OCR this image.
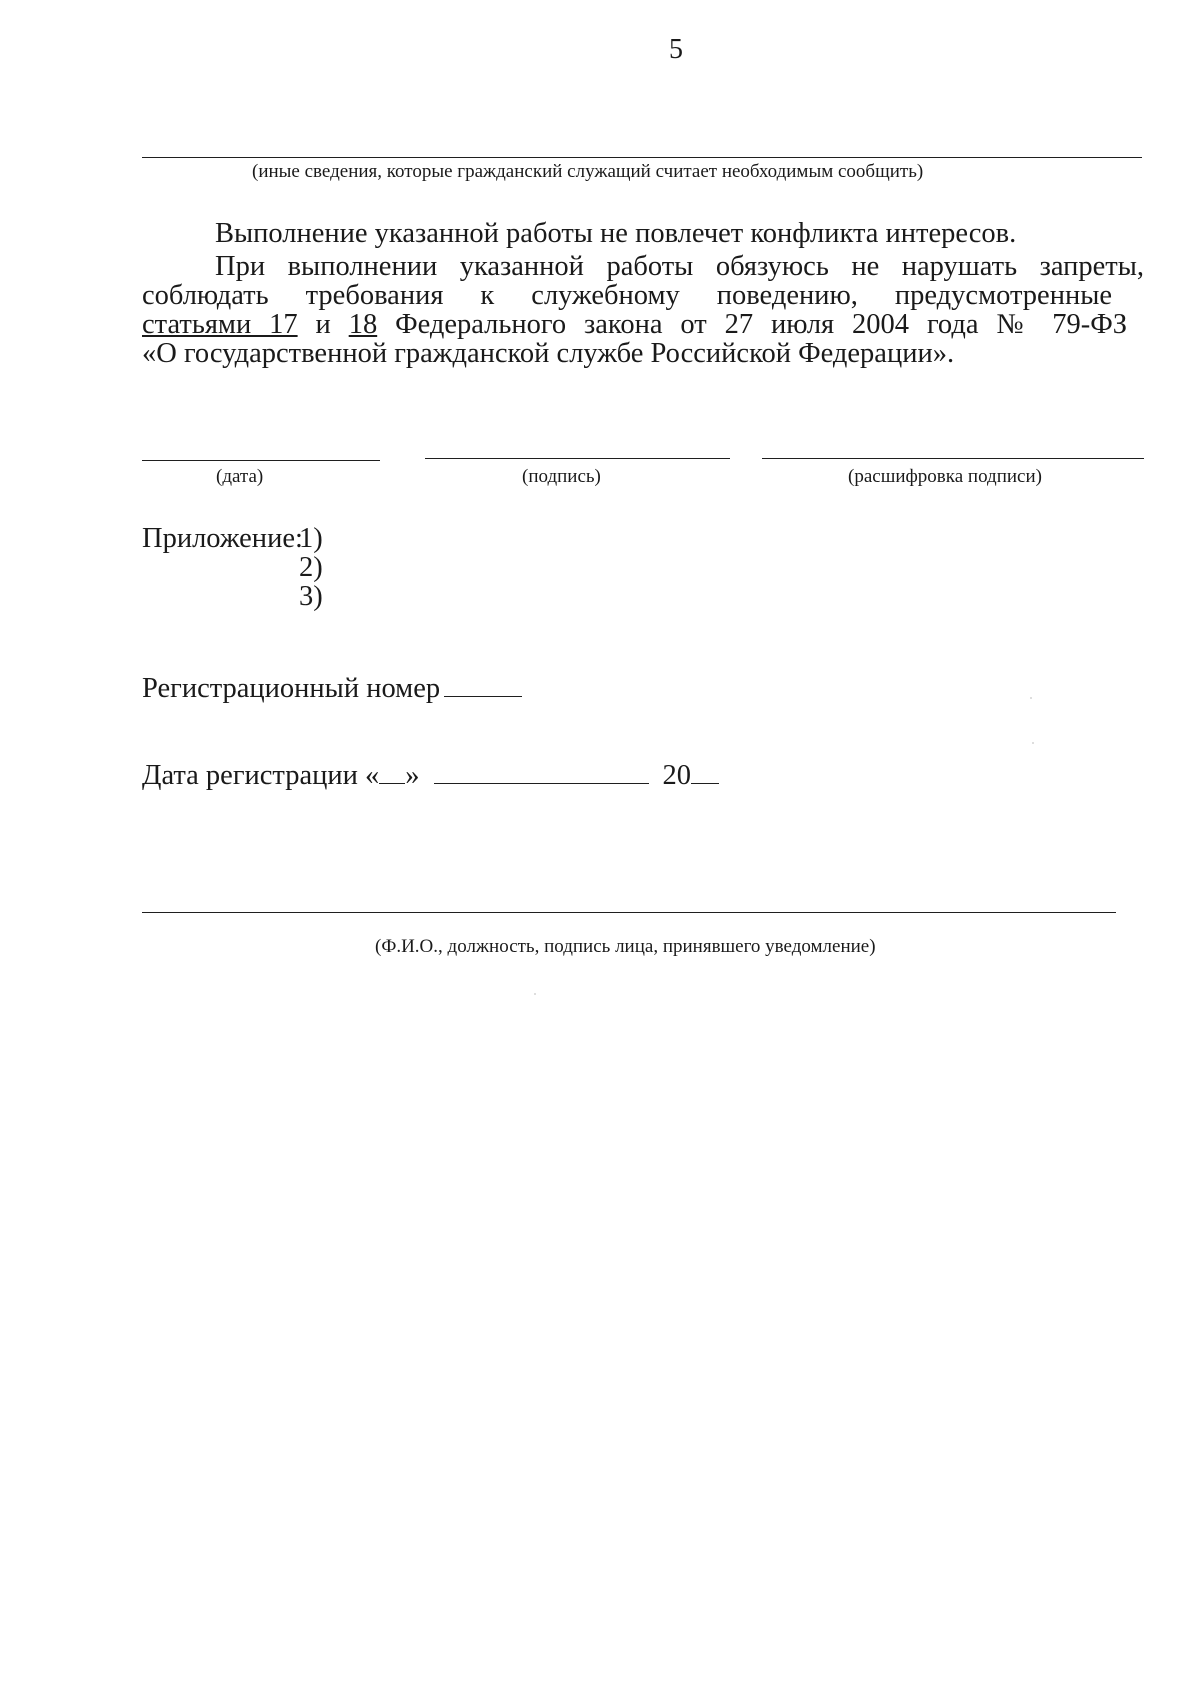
5
(иные сведения, которые гражданский служащий считает необходимым сообщить)
Выполнение указанной работы не повлечет конфликта интересов.
При выполнении указанной работы обязуюсь не нарушать запреты,
соблюдать требования к служебному поведению, предусмотренные
статьями 17 и 18 Федерального закона от 27 июля 2004 года № 79-ФЗ
«О государственной гражданской службе Российской Федерации».
(дата)	(подпись)	(расшифровка подписи)
Приложение:
1)
2)
3)
Регистрационный номер
Дата регистрации « »	20
(Ф.И.О., должность, подпись лица, принявшего уведомление)
